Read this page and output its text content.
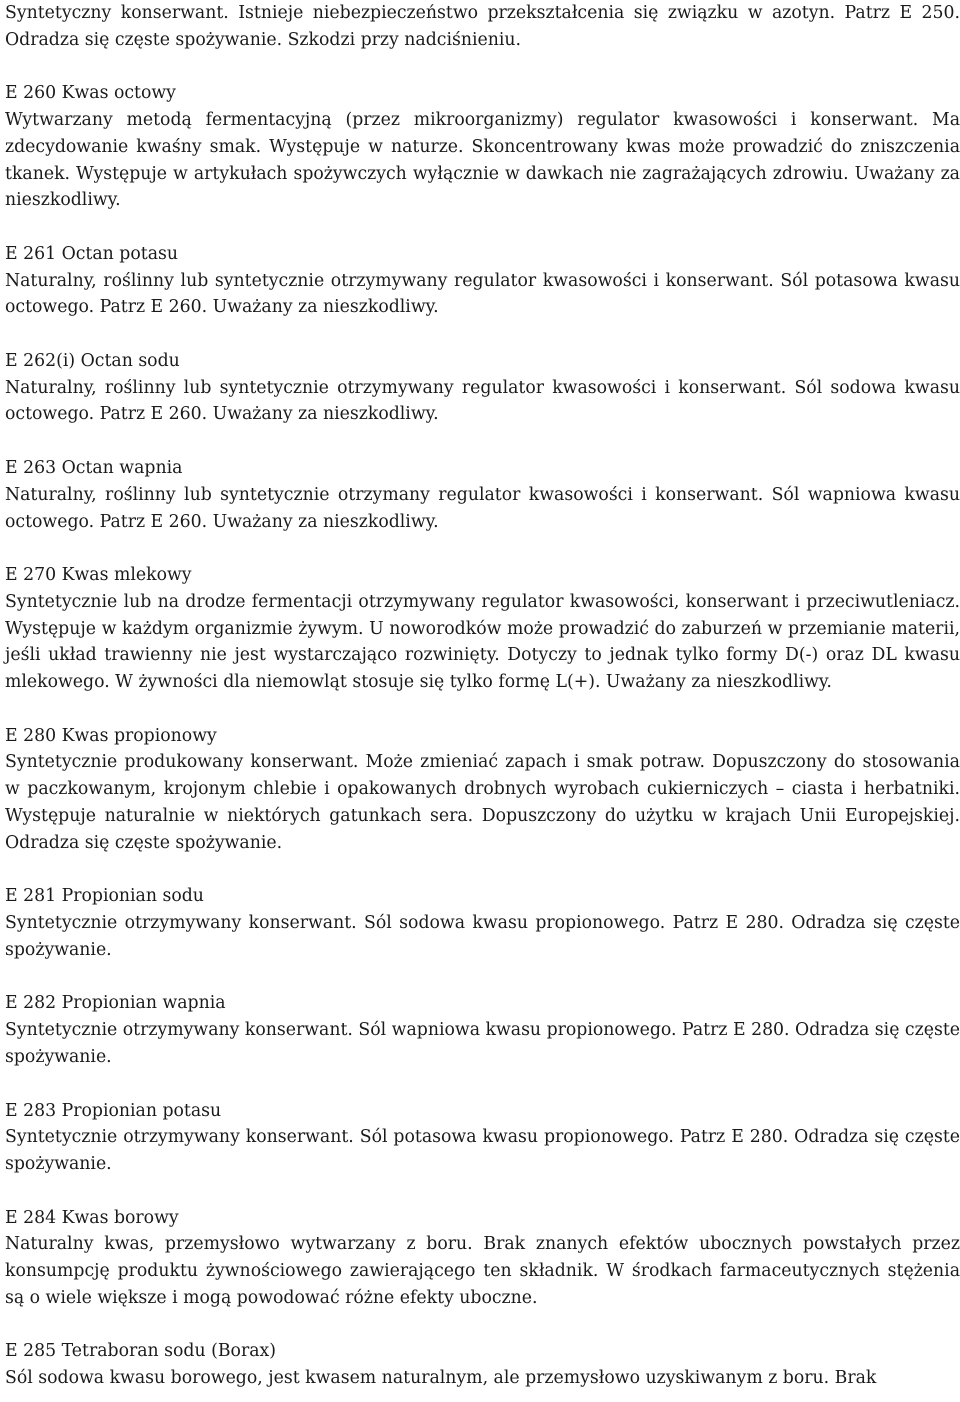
Syntetyczny konserwant. Istnieje niebezpieczeństwo przekształcenia się związku w azotyn. Patrz E 250. Odradza się częste spożywanie. Szkodzi przy nadciśnieniu.

E 260 Kwas octowy

Wytwarzany metodą fermentacyjną (przez mikroorganizmy) regulator kwasowości i konserwant. Ma zdecydowanie kwaśny smak. Występuje w naturze. Skoncentrowany kwas może prowadzić do zniszczenia tkanek. Występuje w artykułach spożywczych wyłącznie w dawkach nie zagrażających zdrowiu. Uważany za nieszkodliwy.

E 261 Octan potasu

Naturalny, roślinny lub syntetycznie otrzymywany regulator kwasowości i konserwant. Sól potasowa kwasu octowego. Patrz E 260. Uważany za nieszkodliwy.

E 262(i) Octan sodu

Naturalny, roślinny lub syntetycznie otrzymywany regulator kwasowości i konserwant. Sól sodowa kwasu octowego. Patrz E 260. Uważany za nieszkodliwy.

E 263 Octan wapnia

Naturalny, roślinny lub syntetycznie otrzymany regulator kwasowości i konserwant. Sól wapniowa kwasu octowego. Patrz E 260. Uważany za nieszkodliwy.

E 270 Kwas mlekowy

Syntetycznie lub na drodze fermentacji otrzymywany regulator kwasowości, konserwant i przeciwutleniacz. Występuje w każdym organizmie żywym. U noworodków może prowadzić do zaburzeń w przemianie materii, jeśli układ trawienny nie jest wystarczająco rozwinięty. Dotyczy to jednak tylko formy D(-) oraz DL kwasu mlekowego. W żywności dla niemowląt stosuje się tylko formę L(+). Uważany za nieszkodliwy.

E 280 Kwas propionowy

Syntetycznie produkowany konserwant. Może zmieniać zapach i smak potraw. Dopuszczony do stosowania w paczkowanym, krojonym chlebie i opakowanych drobnych wyrobach cukierniczych – ciasta i herbatniki. Występuje naturalnie w niektórych gatunkach sera. Dopuszczony do użytku w krajach Unii Europejskiej. Odradza się częste spożywanie.

E 281 Propionian sodu

Syntetycznie otrzymywany konserwant. Sól sodowa kwasu propionowego. Patrz E 280. Odradza się częste spożywanie.

E 282 Propionian wapnia

Syntetycznie otrzymywany konserwant. Sól wapniowa kwasu propionowego. Patrz E 280. Odradza się częste spożywanie.

E 283 Propionian potasu

Syntetycznie otrzymywany konserwant. Sól potasowa kwasu propionowego. Patrz E 280. Odradza się częste spożywanie.

E 284 Kwas borowy

Naturalny kwas, przemysłowo wytwarzany z boru. Brak znanych efektów ubocznych powstałych przez konsumpcję produktu żywnościowego zawierającego ten składnik. W środkach farmaceutycznych stężenia są o wiele większe i mogą powodować różne efekty uboczne.

E 285 Tetraboran sodu (Borax)

Sól sodowa kwasu borowego, jest kwasem naturalnym, ale przemysłowo uzyskiwanym z boru. Brak
